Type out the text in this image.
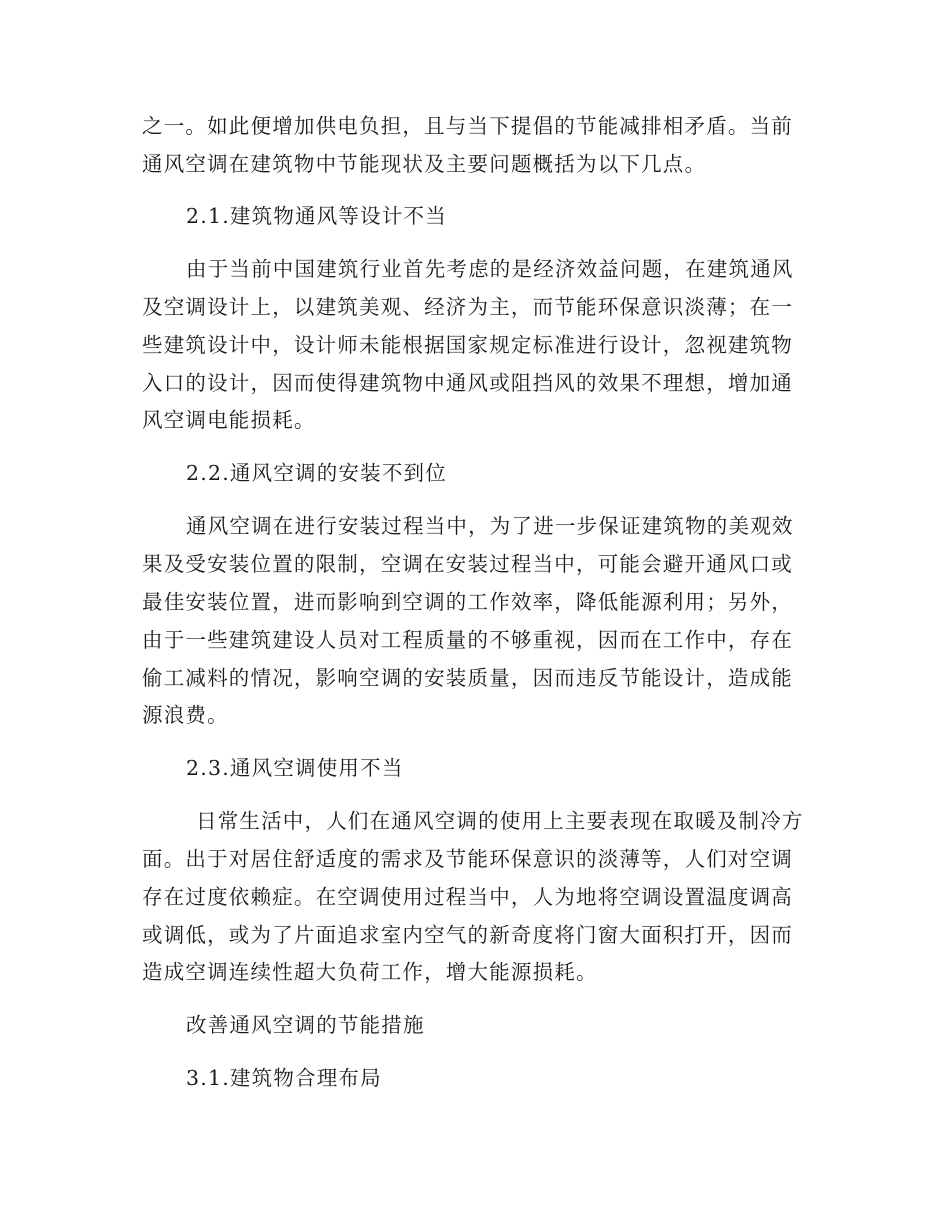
之一。如此便增加供电负担，且与当下提倡的节能减排相矛盾。当前
通风空调在建筑物中节能现状及主要问题概括为以下几点。
2.1.建筑物通风等设计不当
由于当前中国建筑行业首先考虑的是经济效益问题，在建筑通风
及空调设计上，以建筑美观、经济为主，而节能环保意识淡薄；在一
些建筑设计中，设计师未能根据国家规定标准进行设计，忽视建筑物
入口的设计，因而使得建筑物中通风或阻挡风的效果不理想，增加通
风空调电能损耗。
2.2.通风空调的安装不到位
通风空调在进行安装过程当中，为了进一步保证建筑物的美观效
果及受安装位置的限制，空调在安装过程当中，可能会避开通风口或
最佳安装位置，进而影响到空调的工作效率，降低能源利用；另外，
由于一些建筑建设人员对工程质量的不够重视，因而在工作中，存在
偷工减料的情况，影响空调的安装质量，因而违反节能设计，造成能
源浪费。
2.3.通风空调使用不当
日常生活中，人们在通风空调的使用上主要表现在取暖及制冷方
面。出于对居住舒适度的需求及节能环保意识的淡薄等，人们对空调
存在过度依赖症。在空调使用过程当中，人为地将空调设置温度调高
或调低，或为了片面追求室内空气的新奇度将门窗大面积打开，因而
造成空调连续性超大负荷工作，增大能源损耗。
改善通风空调的节能措施
3.1.建筑物合理布局
